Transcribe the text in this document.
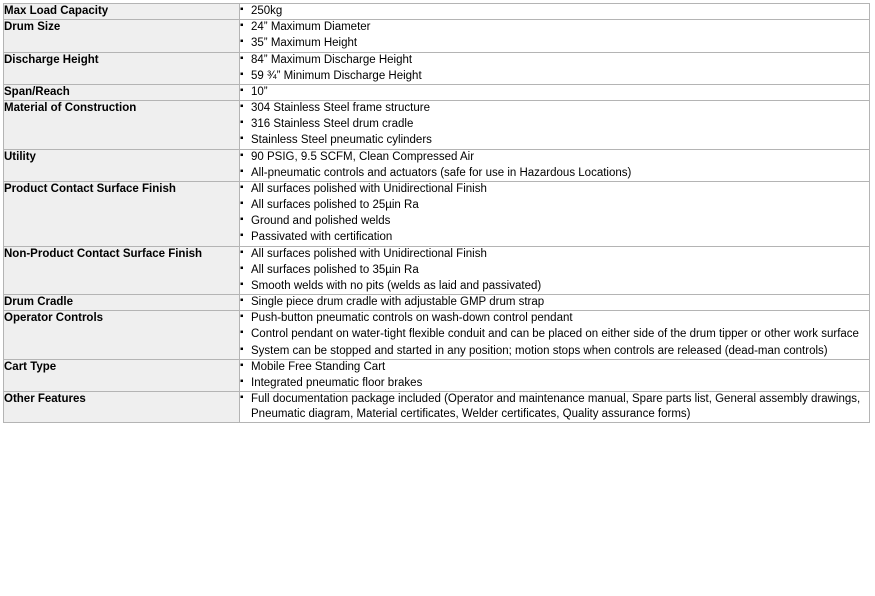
Max Load Capacity	
▪250kg

Drum Size	
▪24” Maximum Diameter
▪ 35” Maximum Height

Discharge Height	
▪84” Maximum Discharge Height
▪ 59 ¾” Minimum Discharge Height

Span/Reach	
▪10”

Material of Construction	
▪304 Stainless Steel frame structure
▪ 316 Stainless Steel drum cradle
▪ Stainless Steel pneumatic cylinders

Utility	
▪90 PSIG, 9.5 SCFM, Clean Compressed Air
▪ All-pneumatic controls and actuators (safe for use in Hazardous Locations)

Product Contact Surface Finish	
▪All surfaces polished with Unidirectional Finish
▪ All surfaces polished to 25µin Ra
▪ Ground and polished welds
▪ Passivated with certification

Non-Product Contact Surface Finish	
▪All surfaces polished with Unidirectional Finish
▪ All surfaces polished to 35µin Ra
▪ Smooth welds with no pits (welds as laid and passivated)

Drum Cradle	
▪Single piece drum cradle with adjustable GMP drum strap

Operator Controls	
▪Push-button pneumatic controls on wash-down control pendant
▪ Control pendant on water-tight flexible conduit and can be placed on either side of the drum tipper or other work surface
▪ System can be stopped and started in any position; motion stops when controls are released (dead-man controls)

Cart Type	
▪Mobile Free Standing Cart
▪ Integrated pneumatic floor brakes

Other Features	
▪Full documentation package included (Operator and maintenance manual, Spare parts list, General assembly drawings, Pneumatic diagram, Material certificates, Welder certificates, Quality assurance forms)
